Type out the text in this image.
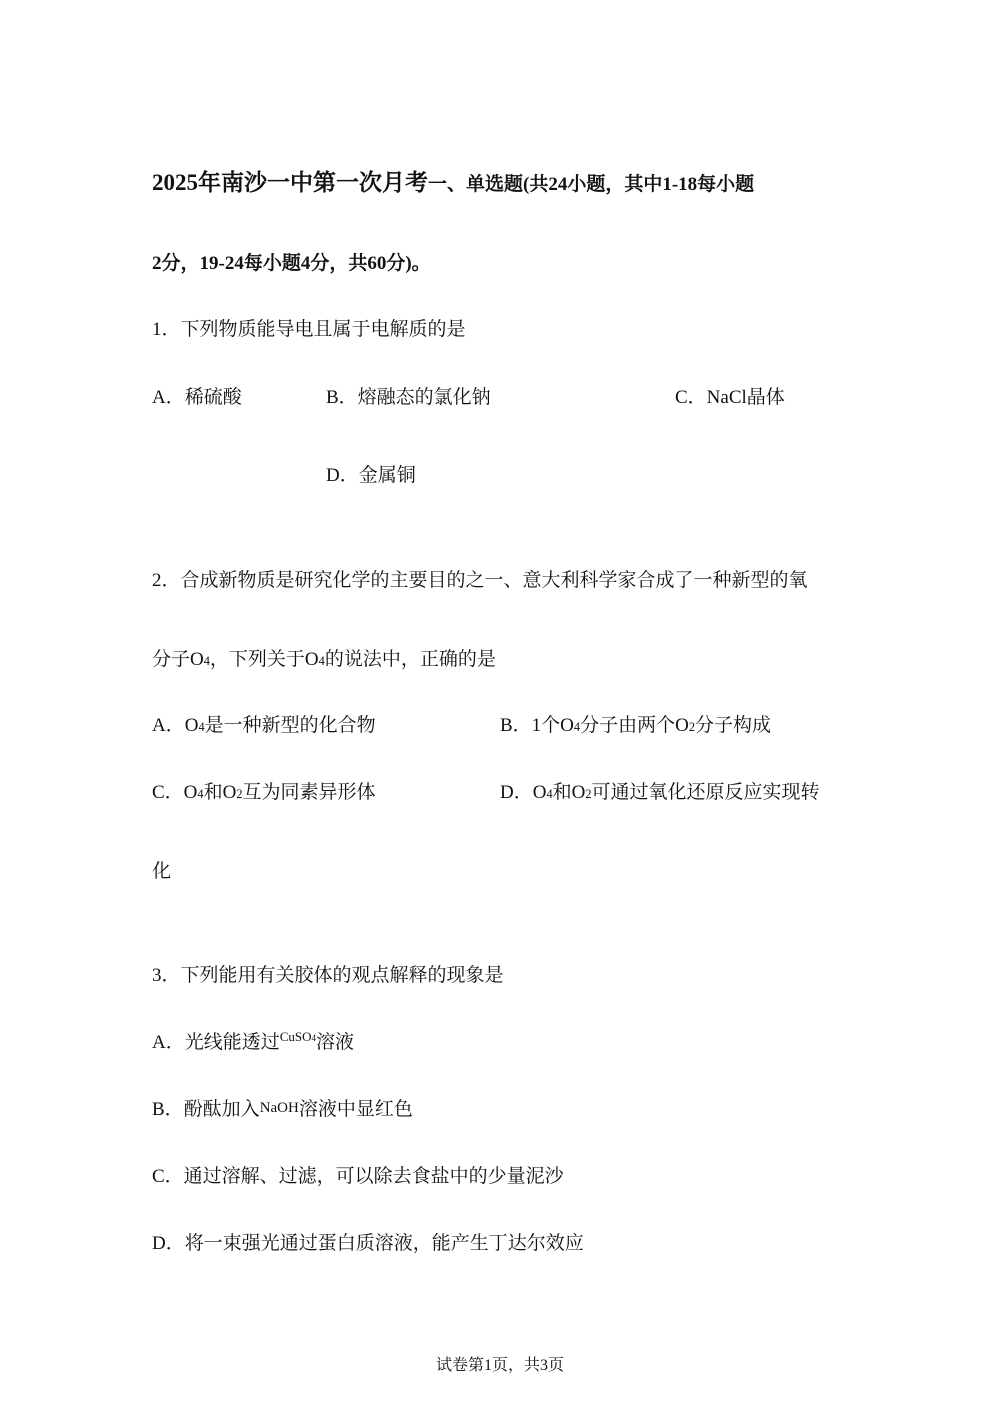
2025年南沙一中第一次月考一、单选题(共24小题，其中1-18每小题
2分，19-24每小题4分，共60分)。
1．下列物质能导电且属于电解质的是
A．稀硫酸	B．熔融态的氯化钠	C．NaCl晶体
D．金属铜
2．合成新物质是研究化学的主要目的之一、意大利科学家合成了一种新型的氧
分子O4，下列关于O4的说法中，正确的是
A．O4是一种新型的化合物	B．1个O4分子由两个O2分子构成
C．O4和O2互为同素异形体	D．O4和O2可通过氧化还原反应实现转
化
3．下列能用有关胶体的观点解释的现象是
A．光线能透过$^{CuSO4}$溶液
B．酚酞加入NaOH溶液中显红色
C．通过溶解、过滤，可以除去食盐中的少量泥沙
D．将一束强光通过蛋白质溶液，能产生丁达尔效应
试卷第1页，共3页
